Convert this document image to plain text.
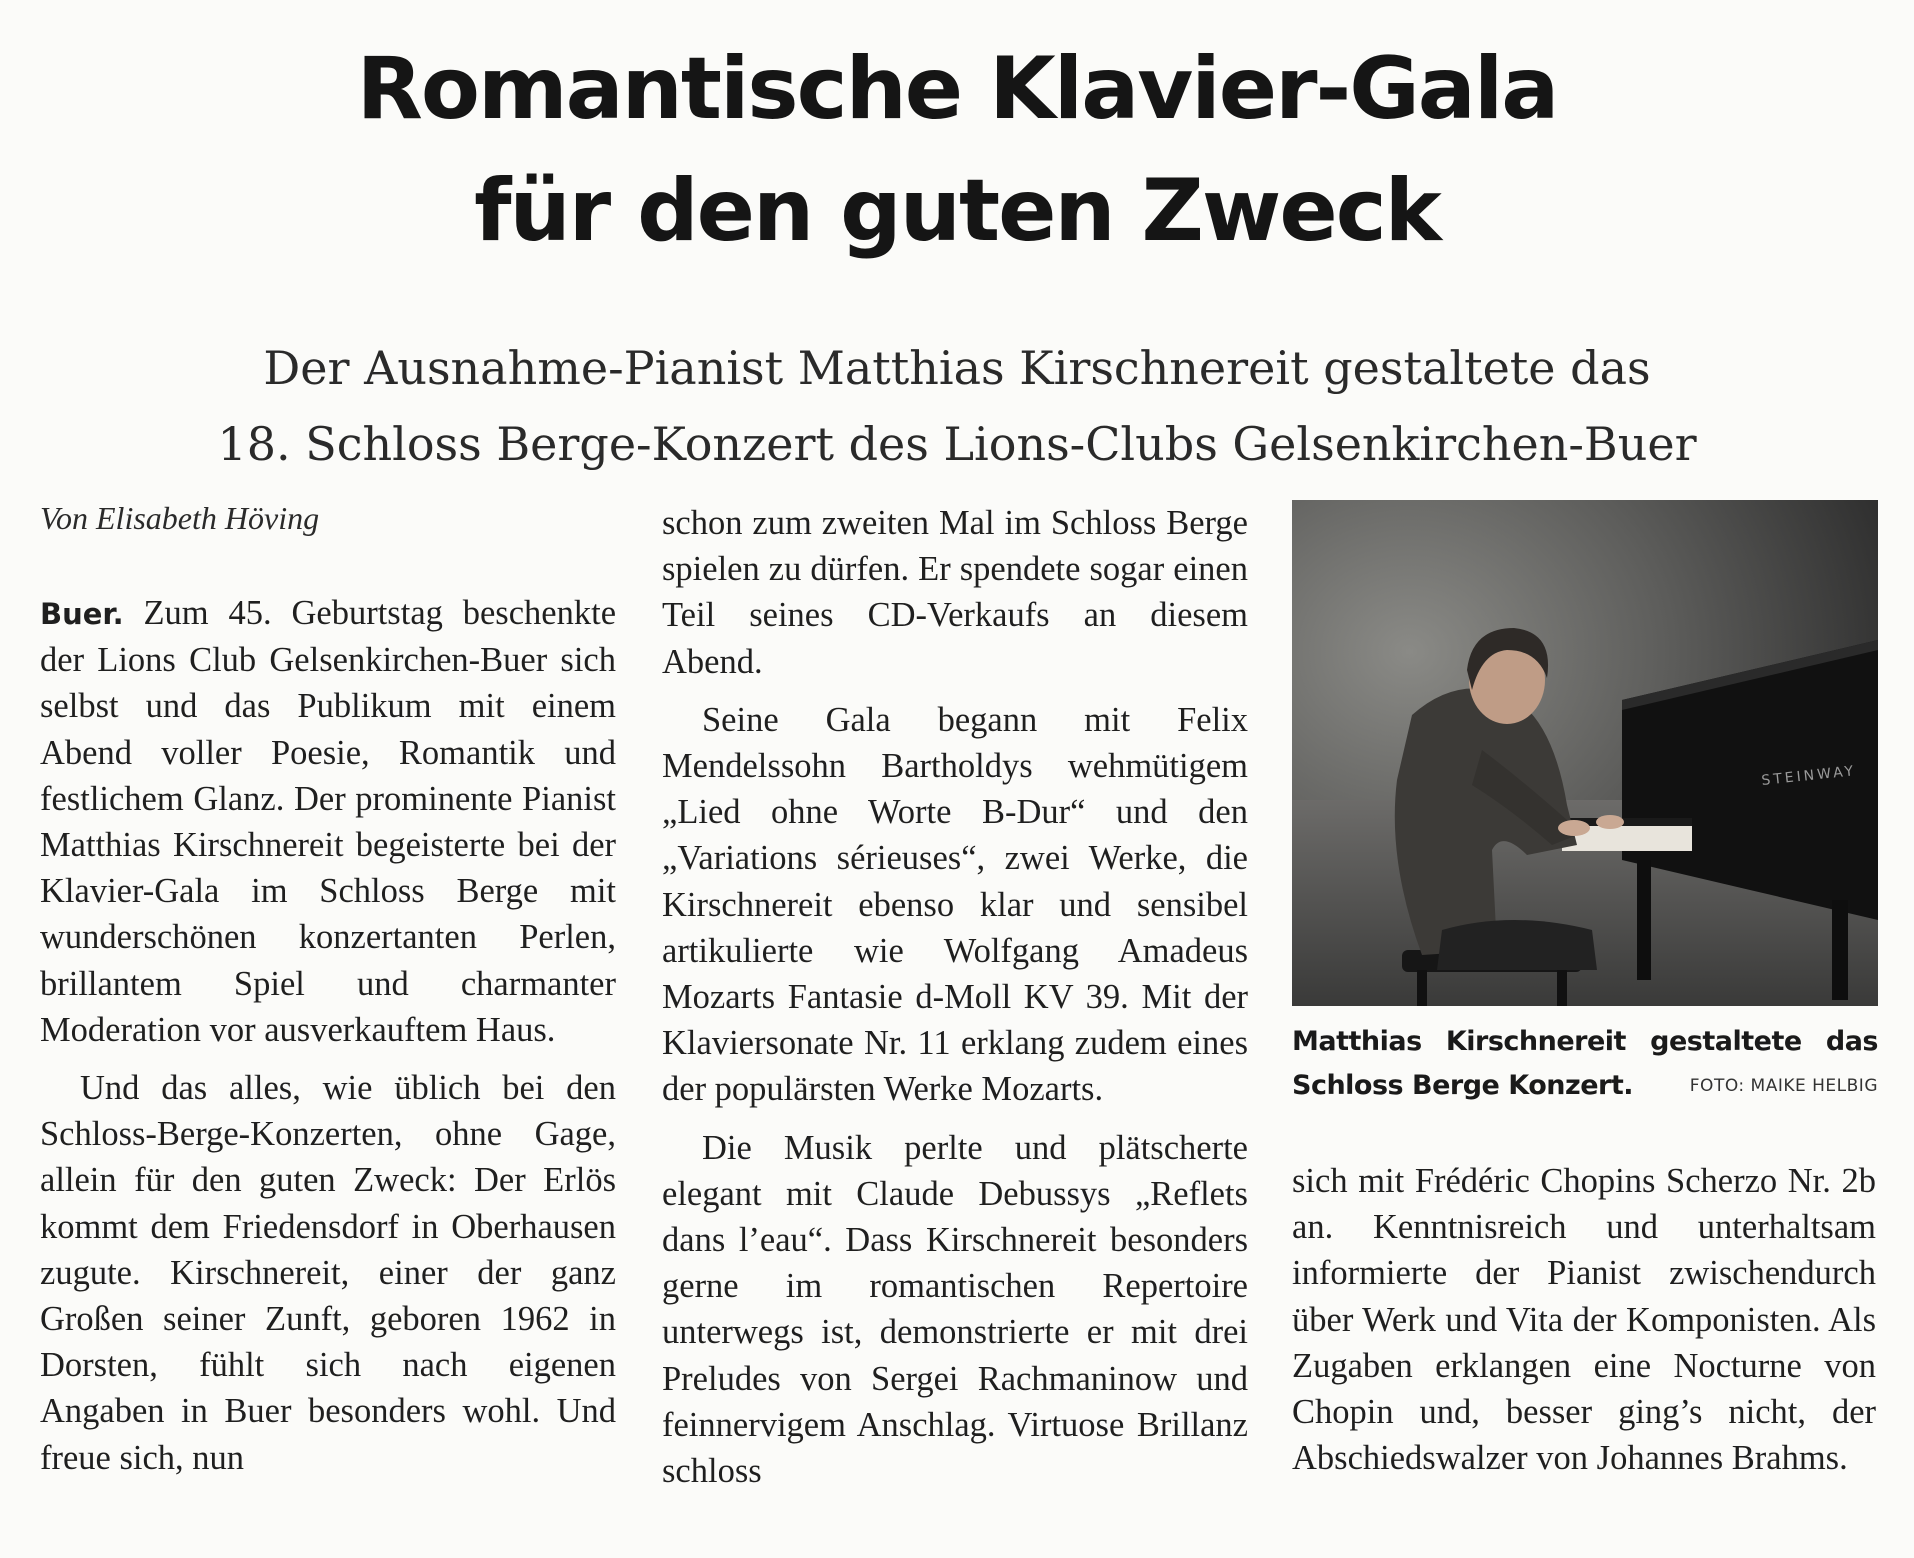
Romantische Klavier-Gala
für den guten Zweck
Der Ausnahme-Pianist Matthias Kirschnereit gestaltete das
18. Schloss Berge-Konzert des Lions-Clubs Gelsenkirchen-Buer
Von Elisabeth Höving

Buer. Zum 45. Geburtstag beschenkte der Lions Club Gelsenkirchen-Buer sich selbst und das Publikum mit einem Abend voller Poesie, Romantik und festlichem Glanz. Der prominente Pianist Matthias Kirschnereit begeisterte bei der Klavier-Gala im Schloss Berge mit wunderschönen konzertanten Perlen, brillantem Spiel und charmanter Moderation vor ausverkauftem Haus.

Und das alles, wie üblich bei den Schloss-Berge-Konzerten, ohne Gage, allein für den guten Zweck: Der Erlös kommt dem Friedensdorf in Oberhausen zugute. Kirschnereit, einer der ganz Großen seiner Zunft, geboren 1962 in Dorsten, fühlt sich nach eigenen Angaben in Buer besonders wohl. Und freue sich, nun

schon zum zweiten Mal im Schloss Berge spielen zu dürfen. Er spendete sogar einen Teil seines CD-Verkaufs an diesem Abend.

Seine Gala begann mit Felix Mendelssohn Bartholdys wehmütigem „Lied ohne Worte B-Dur“ und den „Variations sérieuses“, zwei Werke, die Kirschnereit ebenso klar und sensibel artikulierte wie Wolfgang Amadeus Mozarts Fantasie d-Moll KV 39. Mit der Klaviersonate Nr. 11 erklang zudem eines der populärsten Werke Mozarts.

Die Musik perlte und plätscherte elegant mit Claude Debussys „Reflets dans l’eau“. Dass Kirschnereit besonders gerne im romantischen Repertoire unterwegs ist, demonstrierte er mit drei Preludes von Sergei Rachmaninow und feinnervigem Anschlag. Virtuose Brillanz schloss

STEINWAY
Matthias Kirschnereit gestaltete das Schloss Berge Konzert.	FOTO: MAIKE HELBIG

sich mit Frédéric Chopins Scherzo Nr. 2b an. Kenntnisreich und unterhaltsam informierte der Pianist zwischendurch über Werk und Vita der Komponisten. Als Zugaben erklangen eine Nocturne von Chopin und, besser ging’s nicht, der Abschiedswalzer von Johannes Brahms.
